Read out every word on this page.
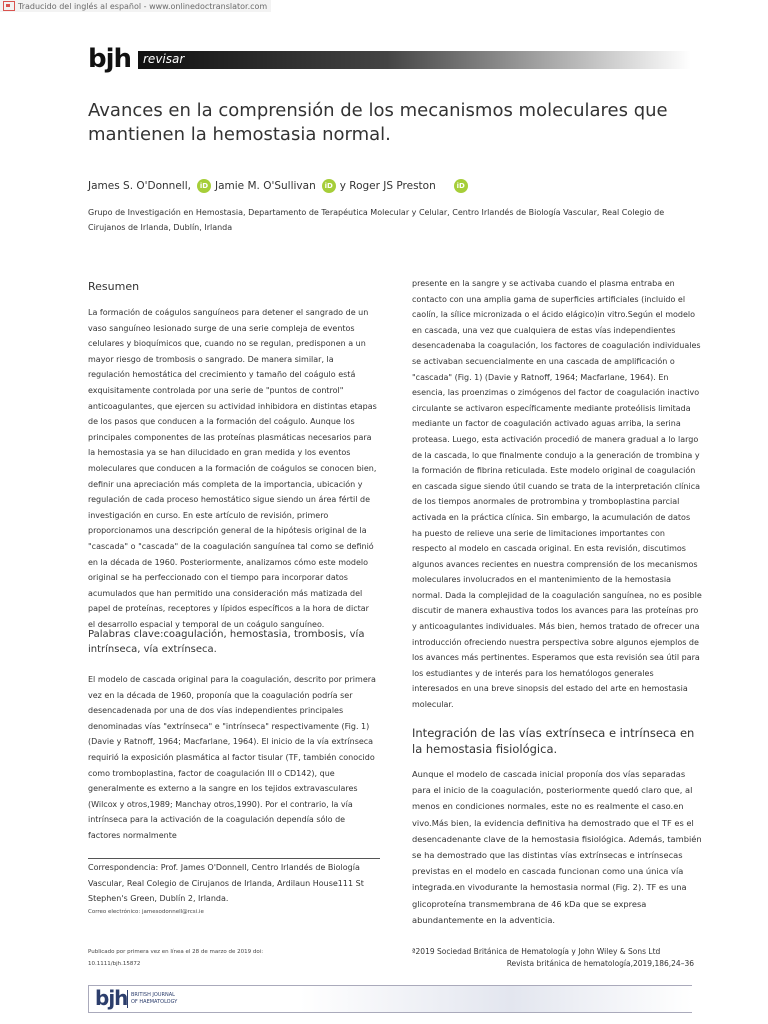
Traducido del inglés al español - www.onlinedoctranslator.com
bjh revisar
Avances en la comprensión de los mecanismos moleculares que mantienen la hemostasia normal.
James S. O'Donnell,	iD Jamie M. O'Sullivan	iD y Roger JS Preston	iD
Grupo de Investigación en Hemostasia, Departamento de Terapéutica Molecular y Celular, Centro Irlandés de Biología Vascular, Real Colegio de Cirujanos de Irlanda, Dublín, Irlanda
Resumen
La formación de coágulos sanguíneos para detener el sangrado de un vaso sanguíneo lesionado surge de una serie compleja de eventos celulares y bioquímicos que, cuando no se regulan, predisponen a un mayor riesgo de trombosis o sangrado. De manera similar, la regulación hemostática del crecimiento y tamaño del coágulo está exquisitamente controlada por una serie de "puntos de control" anticoagulantes, que ejercen su actividad inhibidora en distintas etapas de los pasos que conducen a la formación del coágulo. Aunque los principales componentes de las proteínas plasmáticas necesarios para la hemostasia ya se han dilucidado en gran medida y los eventos moleculares que conducen a la formación de coágulos se conocen bien, definir una apreciación más completa de la importancia, ubicación y regulación de cada proceso hemostático sigue siendo un área fértil de investigación en curso. En este artículo de revisión, primero proporcionamos una descripción general de la hipótesis original de la "cascada" o "cascada" de la coagulación sanguínea tal como se definió en la década de 1960. Posteriormente, analizamos cómo este modelo original se ha perfeccionado con el tiempo para incorporar datos acumulados que han permitido una consideración más matizada del papel de proteínas, receptores y lípidos específicos a la hora de dictar el desarrollo espacial y temporal de un coágulo sanguíneo.
Palabras clave:coagulación, hemostasia, trombosis, vía intrínseca, vía extrínseca.
El modelo de cascada original para la coagulación, descrito por primera vez en la década de 1960, proponía que la coagulación podría ser desencadenada por una de dos vías independientes principales denominadas vías "extrínseca" e "intrínseca" respectivamente (Fig. 1) (Davie y Ratnoff, 1964; Macfarlane, 1964). El inicio de la vía extrínseca requirió la exposición plasmática al factor tisular (TF, también conocido como tromboplastina, factor de coagulación III o CD142), que generalmente es externo a la sangre en los tejidos extravasculares (Wilcox y otros,1989; Manchay otros,1990). Por el contrario, la vía intrínseca para la activación de la coagulación dependía sólo de factores normalmente
presente en la sangre y se activaba cuando el plasma entraba en contacto con una amplia gama de superficies artificiales (incluido el caolín, la sílice micronizada o el ácido elágico)in vitro.Según el modelo en cascada, una vez que cualquiera de estas vías independientes desencadenaba la coagulación, los factores de coagulación individuales se activaban secuencialmente en una cascada de amplificación o "cascada" (Fig. 1) (Davie y Ratnoff, 1964; Macfarlane, 1964). En esencia, las proenzimas o zimógenos del factor de coagulación inactivo circulante se activaron específicamente mediante proteólisis limitada mediante un factor de coagulación activado aguas arriba, la serina proteasa. Luego, esta activación procedió de manera gradual a lo largo de la cascada, lo que finalmente condujo a la generación de trombina y la formación de fibrina reticulada. Este modelo original de coagulación en cascada sigue siendo útil cuando se trata de la interpretación clínica de los tiempos anormales de protrombina y tromboplastina parcial activada en la práctica clínica. Sin embargo, la acumulación de datos ha puesto de relieve una serie de limitaciones importantes con respecto al modelo en cascada original. En esta revisión, discutimos algunos avances recientes en nuestra comprensión de los mecanismos moleculares involucrados en el mantenimiento de la hemostasia normal. Dada la complejidad de la coagulación sanguínea, no es posible discutir de manera exhaustiva todos los avances para las proteínas pro y anticoagulantes individuales. Más bien, hemos tratado de ofrecer una introducción ofreciendo nuestra perspectiva sobre algunos ejemplos de los avances más pertinentes. Esperamos que esta revisión sea útil para los estudiantes y de interés para los hematólogos generales interesados en una breve sinopsis del estado del arte en hemostasia molecular.
Integración de las vías extrínseca e intrínseca en la hemostasia fisiológica.
Aunque el modelo de cascada inicial proponía dos vías separadas para el inicio de la coagulación, posteriormente quedó claro que, al menos en condiciones normales, este no es realmente el caso.en vivo.Más bien, la evidencia definitiva ha demostrado que el TF es el desencadenante clave de la hemostasia fisiológica. Además, también se ha demostrado que las distintas vías extrínsecas e intrínsecas previstas en el modelo en cascada funcionan como una única vía integrada.en vivodurante la hemostasia normal (Fig. 2). TF es una glicoproteína transmembrana de 46 kDa que se expresa abundantemente en la adventicia.
Correspondencia: Prof. James O'Donnell, Centro Irlandés de Biología Vascular, Real Colegio de Cirujanos de Irlanda, Ardilaun House111 St Stephen's Green, Dublín 2, Irlanda.
Correo electrónico: jamesodonnell@rcsi.ie
Publicado por primera vez en línea el 28 de marzo de 2019 doi: 10.1111/bjh.15872
ª2019 Sociedad Británica de Hematología y John Wiley & Sons Ltd
Revista británica de hematología,2019,186,24–36
bjh BRITISH JOURNAL
OF HAEMATOLOGY
